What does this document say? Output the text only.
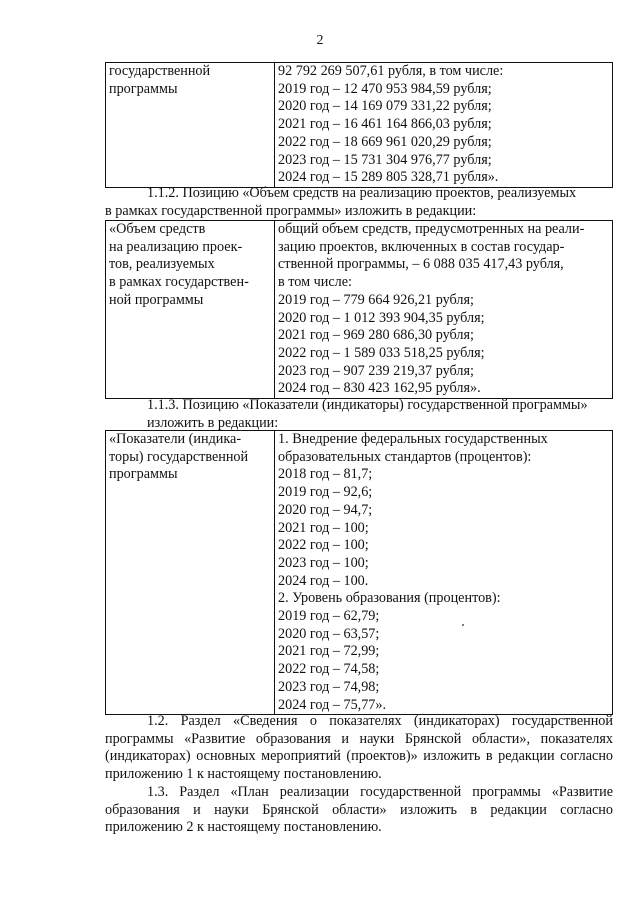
2
государственной
программы

92 792 269 507,61 рубля, в том числе:
2019 год – 12 470 953 984,59 рубля;
2020 год – 14 169 079 331,22 рубля;
2021 год – 16 461 164 866,03 рубля;
2022 год – 18 669 961 020,29 рубля;
2023 год – 15 731 304 976,77 рубля;
2024 год – 15 289 805 328,71 рубля».
1.1.2. Позицию «Объем средств на реализацию проектов, реализуемых
в рамках государственной программы» изложить в редакции:
«Объем средств
на реализацию проек-
тов, реализуемых
в рамках государствен-
ной программы

общий объем средств, предусмотренных на реали-
зацию проектов, включенных в состав государ-
ственной программы, – 6 088 035 417,43 рубля,
в том числе:
2019 год – 779 664 926,21 рубля;
2020 год – 1 012 393 904,35 рубля;
2021 год – 969 280 686,30 рубля;
2022 год – 1 589 033 518,25 рубля;
2023 год – 907 239 219,37 рубля;
2024 год – 830 423 162,95 рубля».
1.1.3. Позицию «Показатели (индикаторы) государственной программы»
изложить в редакции:
«Показатели (индика-
торы) государственной
программы

1. Внедрение федеральных государственных
образовательных стандартов (процентов):
2018 год – 81,7;
2019 год – 92,6;
2020 год – 94,7;
2021 год – 100;
2022 год – 100;
2023 год – 100;
2024 год – 100.
2. Уровень образования (процентов):
2019 год – 62,79;
2020 год – 63,57;
2021 год – 72,99;
2022 год – 74,58;
2023 год – 74,98;
2024 год – 75,77».

1.2. Раздел «Сведения о показателях (индикаторах) государственной программы «Развитие образования и науки Брянской области», показателях (индикаторах) основных мероприятий (проектов)» изложить в редакции согласно приложению 1 к настоящему постановлению.

1.3. Раздел «План реализации государственной программы «Развитие образования и науки Брянской области» изложить в редакции согласно приложению 2 к настоящему постановлению.
